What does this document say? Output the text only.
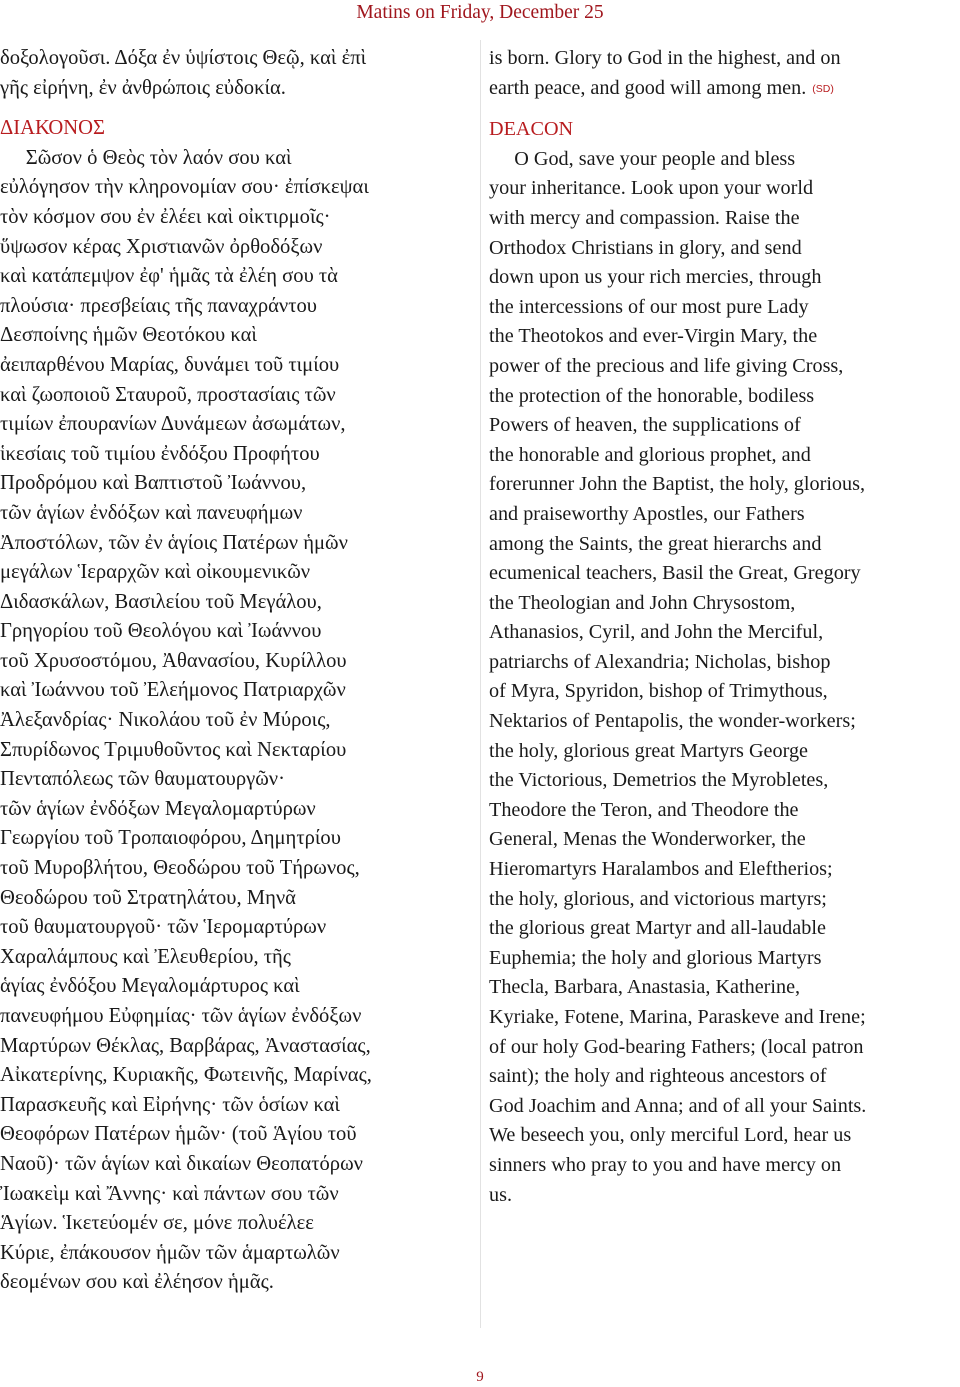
Matins on Friday, December 25

δοξολογοῦσι. Δόξα ἐν ὑψίστοις Θεῷ, καὶ ἐπὶ
γῆς εἰρήνη, ἐν ἀνθρώποις εὐδοκία.

ΔΙΑΚΟΝΟΣ

Σῶσον ὁ Θεὸς τὸν λαόν σου καὶ
εὐλόγησον τὴν κληρονομίαν σου· ἐπίσκεψαι
τὸν κόσμον σου ἐν ἐλέει καὶ οἰκτιρμοῖς·
ὕψωσον κέρας Χριστιανῶν ὀρθοδόξων
καὶ κατάπεμψον ἐφ' ἡμᾶς τὰ ἐλέη σου τὰ
πλούσια· πρεσβείαις τῆς παναχράντου
Δεσποίνης ἡμῶν Θεοτόκου καὶ
ἀειπαρθένου Μαρίας, δυνάμει τοῦ τιμίου
καὶ ζωοποιοῦ Σταυροῦ, προστασίαις τῶν
τιμίων ἐπουρανίων Δυνάμεων ἀσωμάτων,
ἱκεσίαις τοῦ τιμίου ἐνδόξου Προφήτου
Προδρόμου καὶ Βαπτιστοῦ Ἰωάννου,
τῶν ἁγίων ἐνδόξων καὶ πανευφήμων
Ἀποστόλων, τῶν ἐν ἁγίοις Πατέρων ἡμῶν
μεγάλων Ἱεραρχῶν καὶ οἰκουμενικῶν
Διδασκάλων, Βασιλείου τοῦ Μεγάλου,
Γρηγορίου τοῦ Θεολόγου καὶ Ἰωάννου
τοῦ Χρυσοστόμου, Ἀθανασίου, Κυρίλλου
καὶ Ἰωάννου τοῦ Ἐλεήμονος Πατριαρχῶν
Ἀλεξανδρίας· Νικολάου τοῦ ἐν Μύροις,
Σπυρίδωνος Τριμυθοῦντος καὶ Νεκταρίου
Πενταπόλεως τῶν θαυματουργῶν·
τῶν ἁγίων ἐνδόξων Μεγαλομαρτύρων
Γεωργίου τοῦ Τροπαιοφόρου, Δημητρίου
τοῦ Μυροβλήτου, Θεοδώρου τοῦ Τήρωνος,
Θεοδώρου τοῦ Στρατηλάτου, Μηνᾶ
τοῦ θαυματουργοῦ· τῶν Ἱερομαρτύρων
Χαραλάμπους καὶ Ἐλευθερίου, τῆς
ἁγίας ἐνδόξου Μεγαλομάρτυρος καὶ
πανευφήμου Εὐφημίας· τῶν ἁγίων ἐνδόξων
Μαρτύρων Θέκλας, Βαρβάρας, Ἀναστασίας,
Αἰκατερίνης, Κυριακῆς, Φωτεινῆς, Μαρίνας,
Παρασκευῆς καὶ Εἰρήνης· τῶν ὁσίων καὶ
Θεοφόρων Πατέρων ἡμῶν· (τοῦ Ἁγίου τοῦ
Ναοῦ)· τῶν ἁγίων καὶ δικαίων Θεοπατόρων
Ἰωακεὶμ καὶ Ἄννης· καὶ πάντων σου τῶν
Ἁγίων. Ἱκετεύομέν σε, μόνε πολυέλεε
Κύριε, ἐπάκουσον ἡμῶν τῶν ἁμαρτωλῶν
δεομένων σου καὶ ἐλέησον ἡμᾶς.

is born. Glory to God in the highest, and on
earth peace, and good will among men. (SD)

DEACON

O God, save your people and bless
your inheritance. Look upon your world
with mercy and compassion. Raise the
Orthodox Christians in glory, and send
down upon us your rich mercies, through
the intercessions of our most pure Lady
the Theotokos and ever-Virgin Mary, the
power of the precious and life giving Cross,
the protection of the honorable, bodiless
Powers of heaven, the supplications of
the honorable and glorious prophet, and
forerunner John the Baptist, the holy, glorious,
and praiseworthy Apostles, our Fathers
among the Saints, the great hierarchs and
ecumenical teachers, Basil the Great, Gregory
the Theologian and John Chrysostom,
Athanasios, Cyril, and John the Merciful,
patriarchs of Alexandria; Nicholas, bishop
of Myra, Spyridon, bishop of Trimythous,
Nektarios of Pentapolis, the wonder-workers;
the holy, glorious great Martyrs George
the Victorious, Demetrios the Myrobletes,
Theodore the Teron, and Theodore the
General, Menas the Wonderworker, the
Hieromartyrs Haralambos and Eleftherios;
the holy, glorious, and victorious martyrs;
the glorious great Martyr and all-laudable
Euphemia; the holy and glorious Martyrs
Thecla, Barbara, Anastasia, Katherine,
Kyriake, Fotene, Marina, Paraskeve and Irene;
of our holy God-bearing Fathers; (local patron
saint); the holy and righteous ancestors of
God Joachim and Anna; and of all your Saints.
We beseech you, only merciful Lord, hear us
sinners who pray to you and have mercy on
us.

9
